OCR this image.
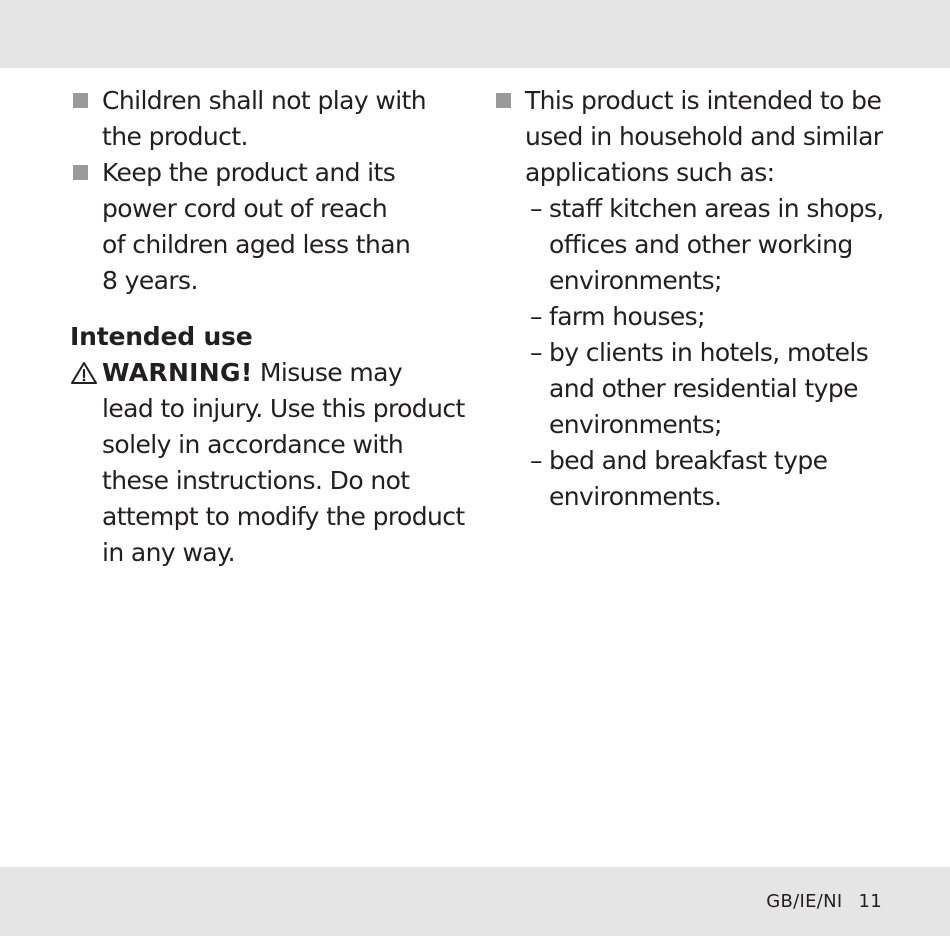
Children shall not play with
the product.
Keep the product and its
power cord out of reach
of children aged less than
8 years.
Intended use
WARNING! Misuse may
lead to injury. Use this product
solely in accordance with
these instructions. Do not
attempt to modify the product
in any way.
This product is intended to be
used in household and similar
applications such as:
– staff kitchen areas in shops,
offices and other working
environments;
– farm houses;
– by clients in hotels, motels
and other residential type
environments;
– bed and breakfast type
environments.
GB/IE/NI 11
